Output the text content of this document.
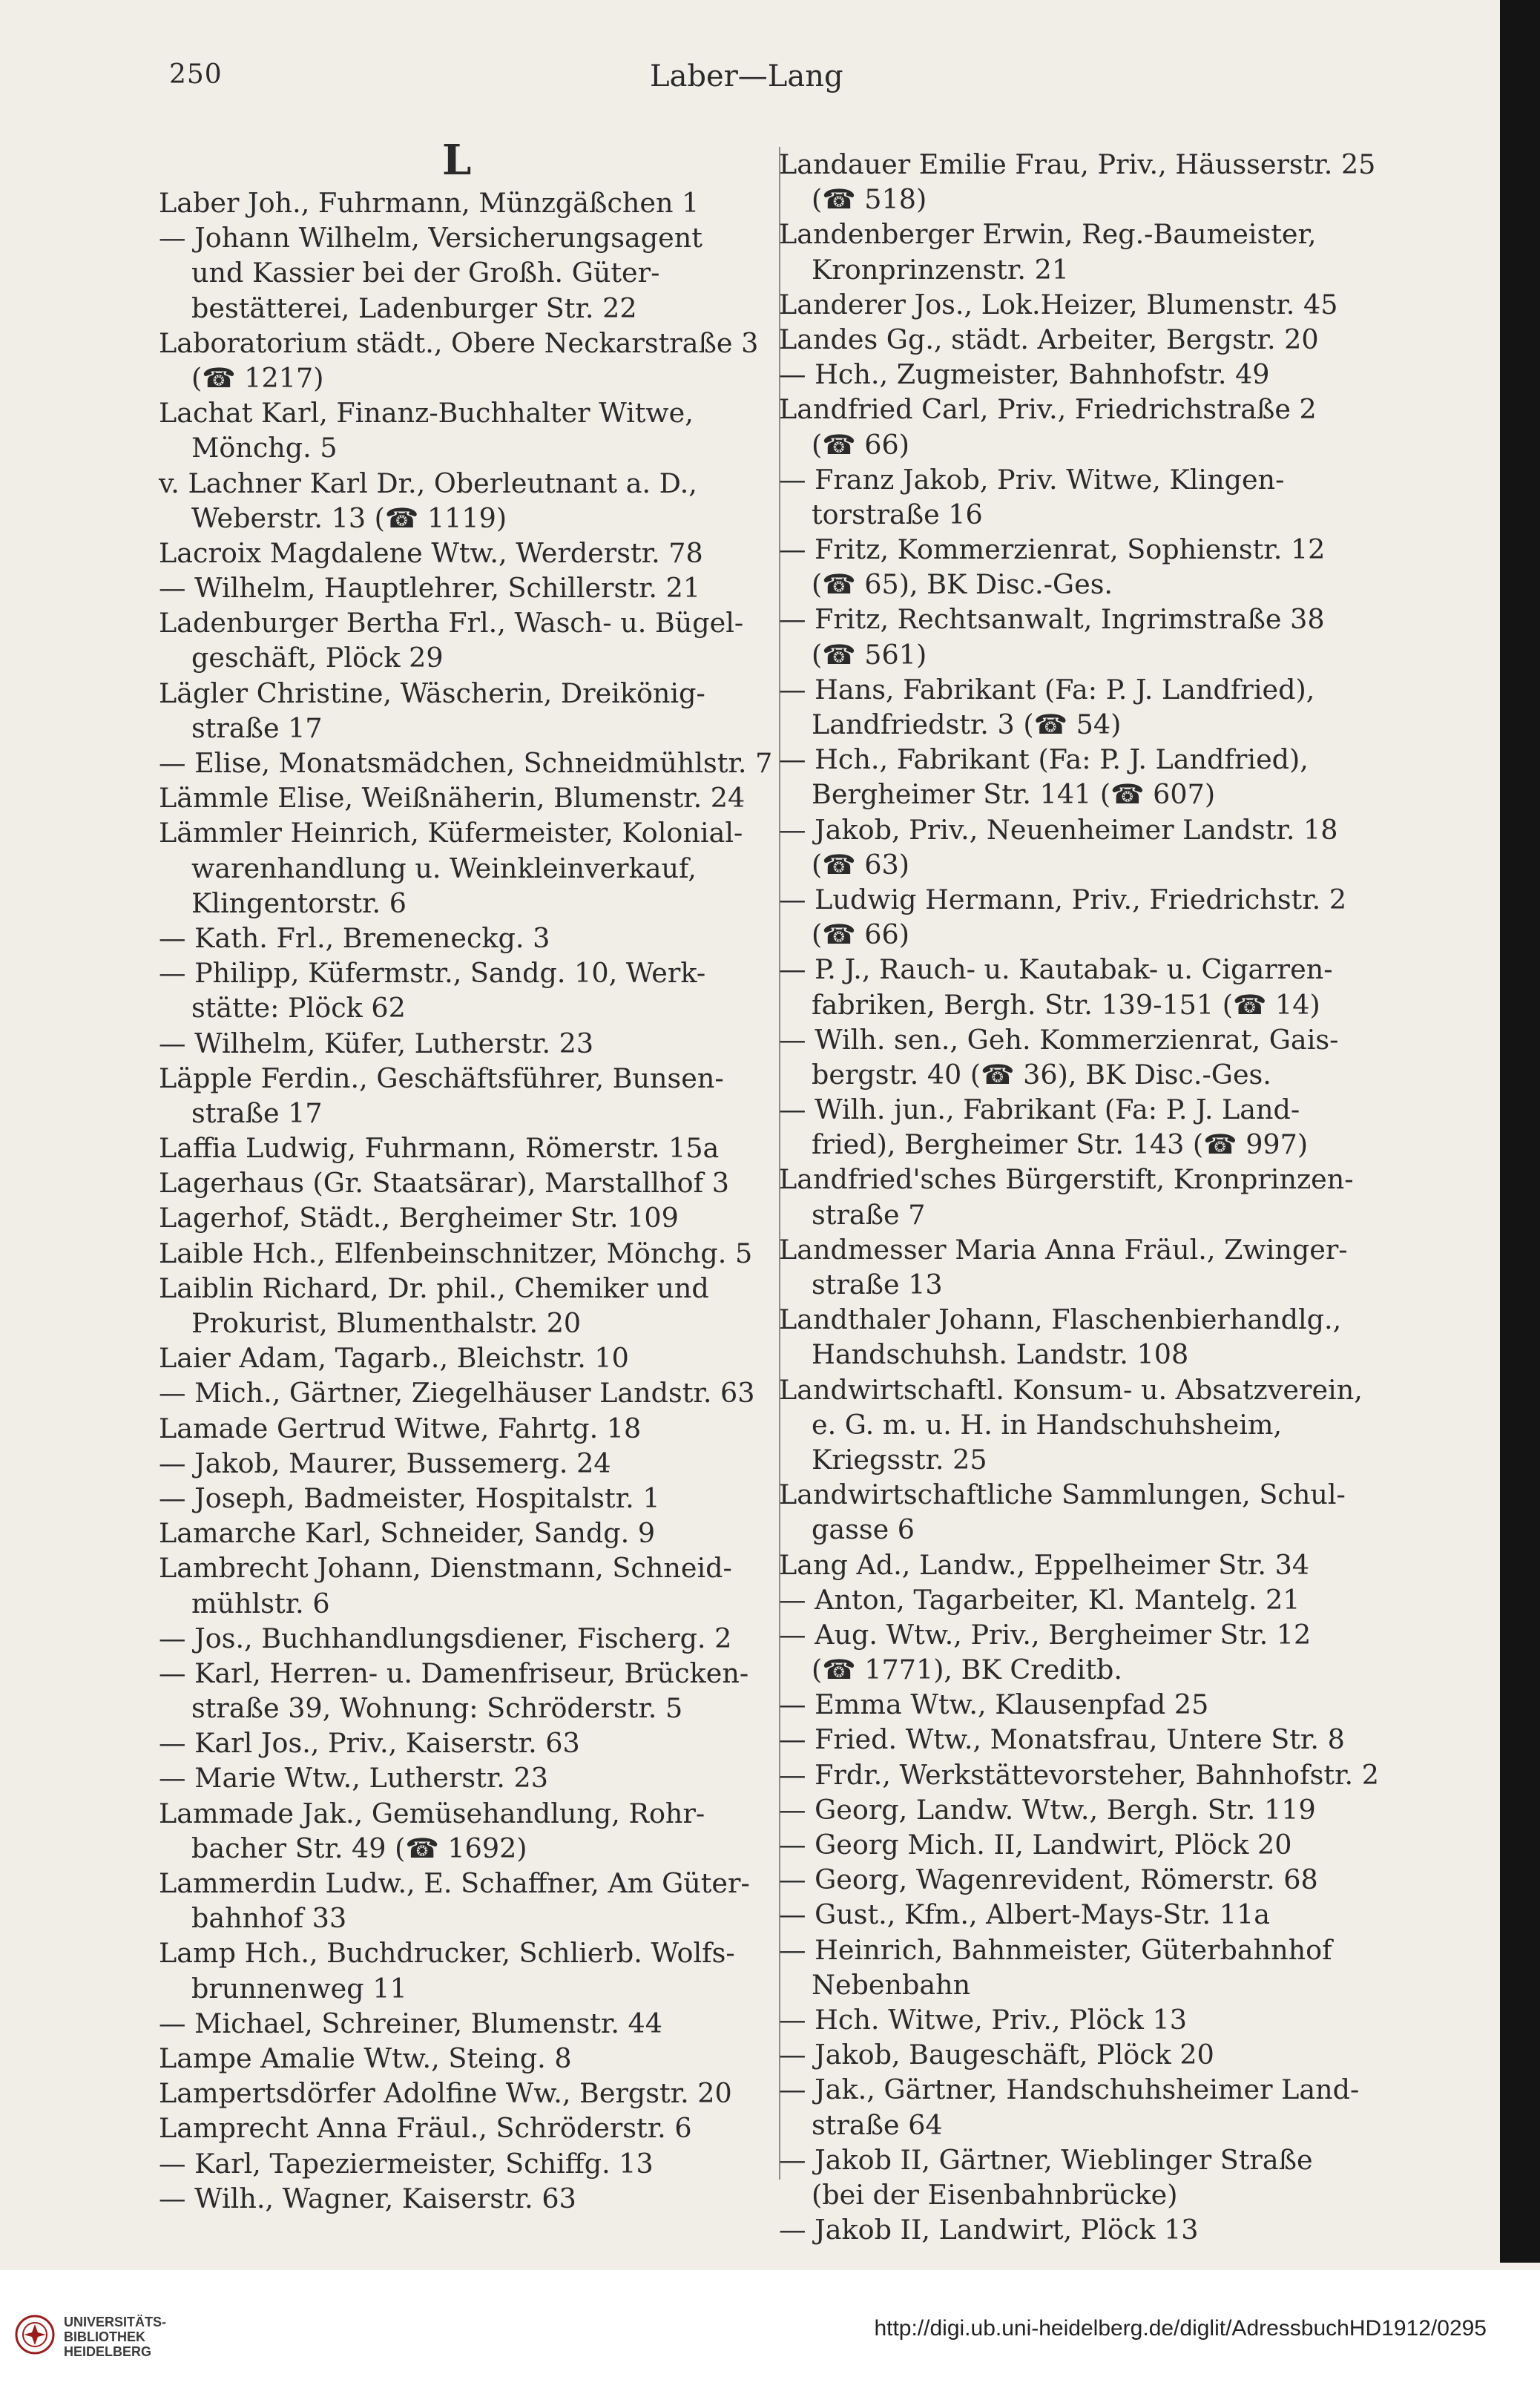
250	Laber—Lang
L
Laber Joh., Fuhrmann, Münzgäßchen 1
— Johann Wilhelm, Versicherungsagent
und Kassier bei der Großh. Güter-
bestätterei, Ladenburger Str. 22
Laboratorium städt., Obere Neckarstraße 3
(☎ 1217)
Lachat Karl, Finanz-Buchhalter Witwe,
Mönchg. 5
v. Lachner Karl Dr., Oberleutnant a. D.,
Weberstr. 13 (☎ 1119)
Lacroix Magdalene Wtw., Werderstr. 78
— Wilhelm, Hauptlehrer, Schillerstr. 21
Ladenburger Bertha Frl., Wasch- u. Bügel-
geschäft, Plöck 29
Lägler Christine, Wäscherin, Dreikönig-
straße 17
— Elise, Monatsmädchen, Schneidmühlstr. 7
Lämmle Elise, Weißnäherin, Blumenstr. 24
Lämmler Heinrich, Küfermeister, Kolonial-
warenhandlung u. Weinkleinverkauf,
Klingentorstr. 6
— Kath. Frl., Bremeneckg. 3
— Philipp, Küfermstr., Sandg. 10, Werk-
stätte: Plöck 62
— Wilhelm, Küfer, Lutherstr. 23
Läpple Ferdin., Geschäftsführer, Bunsen-
straße 17
Laffia Ludwig, Fuhrmann, Römerstr. 15a
Lagerhaus (Gr. Staatsärar), Marstallhof 3
Lagerhof, Städt., Bergheimer Str. 109
Laible Hch., Elfenbeinschnitzer, Mönchg. 5
Laiblin Richard, Dr. phil., Chemiker und
Prokurist, Blumenthalstr. 20
Laier Adam, Tagarb., Bleichstr. 10
— Mich., Gärtner, Ziegelhäuser Landstr. 63
Lamade Gertrud Witwe, Fahrtg. 18
— Jakob, Maurer, Bussemerg. 24
— Joseph, Badmeister, Hospitalstr. 1
Lamarche Karl, Schneider, Sandg. 9
Lambrecht Johann, Dienstmann, Schneid-
mühlstr. 6
— Jos., Buchhandlungsdiener, Fischerg. 2
— Karl, Herren- u. Damenfriseur, Brücken-
straße 39, Wohnung: Schröderstr. 5
— Karl Jos., Priv., Kaiserstr. 63
— Marie Wtw., Lutherstr. 23
Lammade Jak., Gemüsehandlung, Rohr-
bacher Str. 49 (☎ 1692)
Lammerdin Ludw., E. Schaffner, Am Güter-
bahnhof 33
Lamp Hch., Buchdrucker, Schlierb. Wolfs-
brunnenweg 11
— Michael, Schreiner, Blumenstr. 44
Lampe Amalie Wtw., Steing. 8
Lampertsdörfer Adolfine Ww., Bergstr. 20
Lamprecht Anna Fräul., Schröderstr. 6
— Karl, Tapeziermeister, Schiffg. 13
— Wilh., Wagner, Kaiserstr. 63
Landauer Emilie Frau, Priv., Häusserstr. 25
(☎ 518)
Landenberger Erwin, Reg.-Baumeister,
Kronprinzenstr. 21
Landerer Jos., Lok.Heizer, Blumenstr. 45
Landes Gg., städt. Arbeiter, Bergstr. 20
— Hch., Zugmeister, Bahnhofstr. 49
Landfried Carl, Priv., Friedrichstraße 2
(☎ 66)
— Franz Jakob, Priv. Witwe, Klingen-
torstraße 16
— Fritz, Kommerzienrat, Sophienstr. 12
(☎ 65), BK Disc.-Ges.
— Fritz, Rechtsanwalt, Ingrimstraße 38
(☎ 561)
— Hans, Fabrikant (Fa: P. J. Landfried),
Landfriedstr. 3 (☎ 54)
— Hch., Fabrikant (Fa: P. J. Landfried),
Bergheimer Str. 141 (☎ 607)
— Jakob, Priv., Neuenheimer Landstr. 18
(☎ 63)
— Ludwig Hermann, Priv., Friedrichstr. 2
(☎ 66)
— P. J., Rauch- u. Kautabak- u. Cigarren-
fabriken, Bergh. Str. 139-151 (☎ 14)
— Wilh. sen., Geh. Kommerzienrat, Gais-
bergstr. 40 (☎ 36), BK Disc.-Ges.
— Wilh. jun., Fabrikant (Fa: P. J. Land-
fried), Bergheimer Str. 143 (☎ 997)
Landfried'sches Bürgerstift, Kronprinzen-
straße 7
Landmesser Maria Anna Fräul., Zwinger-
straße 13
Landthaler Johann, Flaschenbierhandlg.,
Handschuhsh. Landstr. 108
Landwirtschaftl. Konsum- u. Absatzverein,
e. G. m. u. H. in Handschuhsheim,
Kriegsstr. 25
Landwirtschaftliche Sammlungen, Schul-
gasse 6
Lang Ad., Landw., Eppelheimer Str. 34
— Anton, Tagarbeiter, Kl. Mantelg. 21
— Aug. Wtw., Priv., Bergheimer Str. 12
(☎ 1771), BK Creditb.
— Emma Wtw., Klausenpfad 25
— Fried. Wtw., Monatsfrau, Untere Str. 8
— Frdr., Werkstättevorsteher, Bahnhofstr. 2
— Georg, Landw. Wtw., Bergh. Str. 119
— Georg Mich. II, Landwirt, Plöck 20
— Georg, Wagenrevident, Römerstr. 68
— Gust., Kfm., Albert-Mays-Str. 11a
— Heinrich, Bahnmeister, Güterbahnhof
Nebenbahn
— Hch. Witwe, Priv., Plöck 13
— Jakob, Baugeschäft, Plöck 20
— Jak., Gärtner, Handschuhsheimer Land-
straße 64
— Jakob II, Gärtner, Wieblinger Straße
(bei der Eisenbahnbrücke)
— Jakob II, Landwirt, Plöck 13
UNIVERSITÄTS-
BIBLIOTHEK
HEIDELBERG
http://digi.ub.uni-heidelberg.de/diglit/AdressbuchHD1912/0295
